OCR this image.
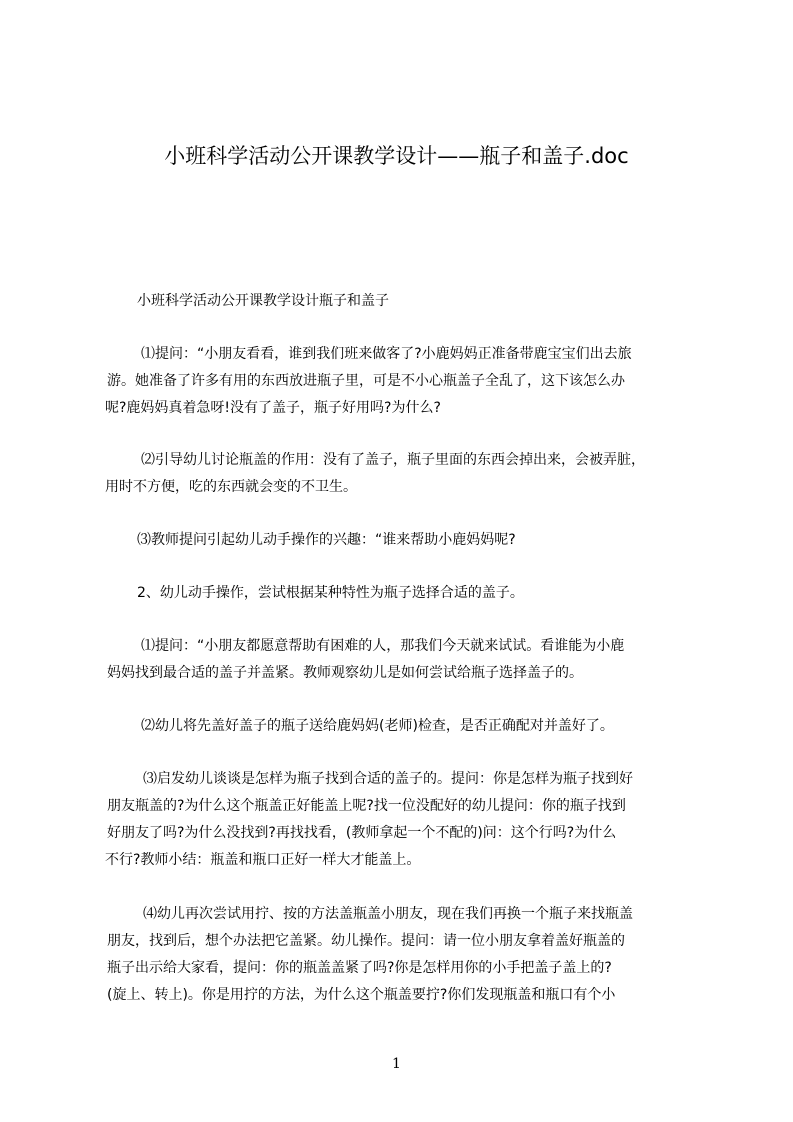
小班科学活动公开课教学设计——瓶子和盖子.doc
小班科学活动公开课教学设计瓶子和盖子
⑴提问：“小朋友看看，谁到我们班来做客了?小鹿妈妈正准备带鹿宝宝们出去旅
游。她准备了许多有用的东西放进瓶子里，可是不小心瓶盖子全乱了，这下该怎么办
呢?鹿妈妈真着急呀!没有了盖子，瓶子好用吗?为什么?
⑵引导幼儿讨论瓶盖的作用：没有了盖子，瓶子里面的东西会掉出来，会被弄脏，
用时不方便，吃的东西就会变的不卫生。
⑶教师提问引起幼儿动手操作的兴趣：“谁来帮助小鹿妈妈呢?
2、幼儿动手操作，尝试根据某种特性为瓶子选择合适的盖子。
⑴提问：“小朋友都愿意帮助有困难的人，那我们今天就来试试。看谁能为小鹿
妈妈找到最合适的盖子并盖紧。教师观察幼儿是如何尝试给瓶子选择盖子的。
⑵幼儿将先盖好盖子的瓶子送给鹿妈妈(老师)检查，是否正确配对并盖好了。
⑶启发幼儿谈谈是怎样为瓶子找到合适的盖子的。提问：你是怎样为瓶子找到好
朋友瓶盖的?为什么这个瓶盖正好能盖上呢?找一位没配好的幼儿提问：你的瓶子找到
好朋友了吗?为什么没找到?再找找看，(教师拿起一个不配的)问：这个行吗?为什么
不行?教师小结：瓶盖和瓶口正好一样大才能盖上。
⑷幼儿再次尝试用拧、按的方法盖瓶盖小朋友，现在我们再换一个瓶子来找瓶盖
朋友，找到后，想个办法把它盖紧。幼儿操作。提问：请一位小朋友拿着盖好瓶盖的
瓶子出示给大家看，提问：你的瓶盖盖紧了吗?你是怎样用你的小手把盖子盖上的?
(旋上、转上)。你是用拧的方法，为什么这个瓶盖要拧?你们发现瓶盖和瓶口有个小
1
